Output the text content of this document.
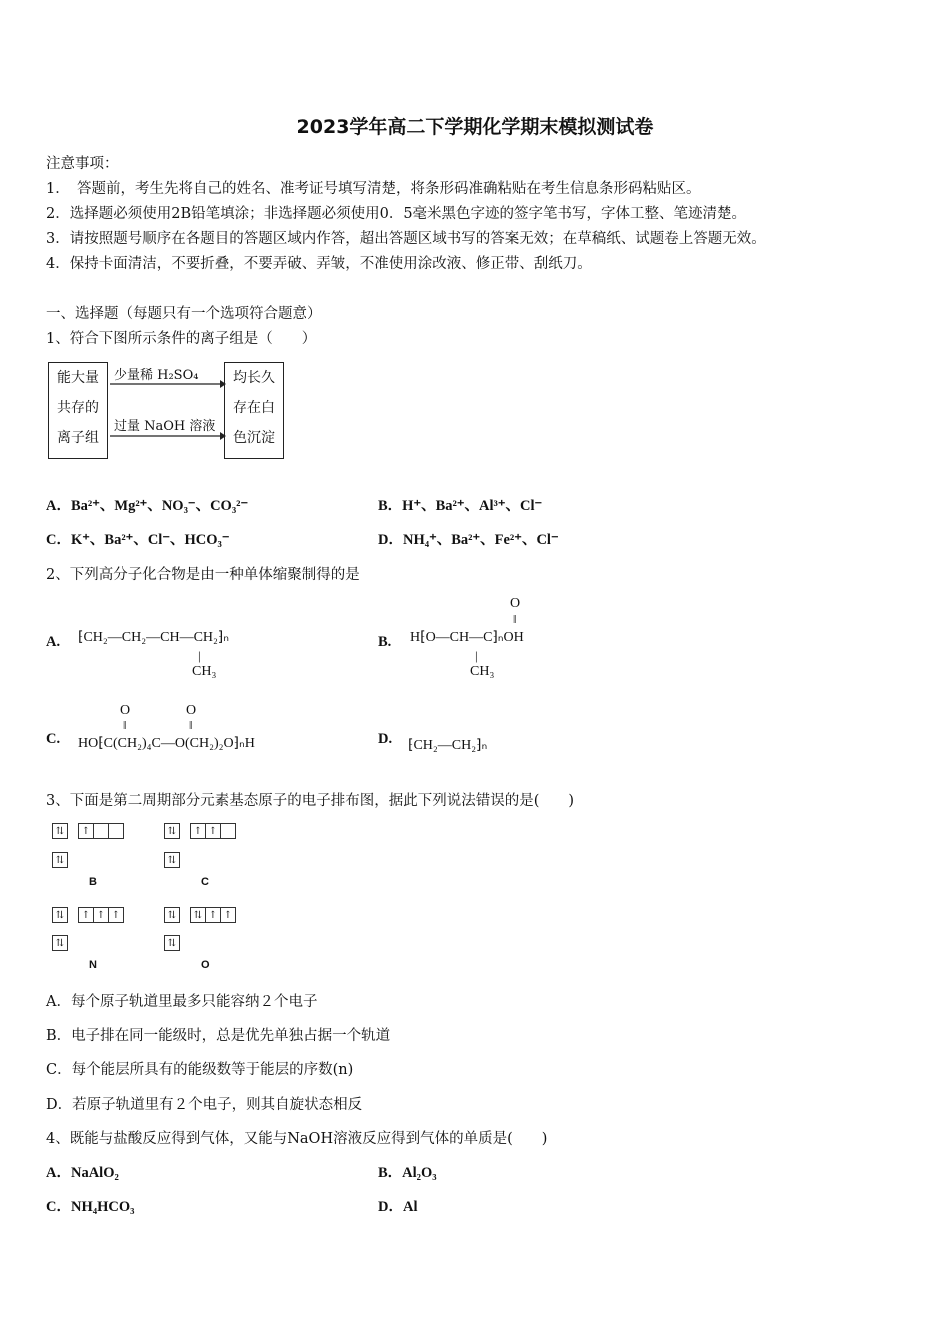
2023学年高二下学期化学期末模拟测试卷
注意事项：
1．　答题前，考生先将自己的姓名、准考证号填写清楚，将条形码准确粘贴在考生信息条形码粘贴区。
2．选择题必须使用2B铅笔填涂；非选择题必须使用0．5毫米黑色字迹的签字笔书写，字体工整、笔迹清楚。
3．请按照题号顺序在各题目的答题区域内作答，超出答题区域书写的答案无效；在草稿纸、试题卷上答题无效。
4．保持卡面清洁，不要折叠，不要弄破、弄皱，不准使用涂改液、修正带、刮纸刀。
一、选择题（每题只有一个选项符合题意）
1、符合下图所示条件的离子组是（　　）
能大量
共存的
离子组
少量稀 H₂SO₄
过量 NaOH 溶液
均长久
存在白
色沉淀
A．Ba²⁺、Mg²⁺、NO₃⁻、CO₃²⁻	B．H⁺、Ba²⁺、Al³⁺、Cl⁻
C．K⁺、Ba²⁺、Cl⁻、HCO₃⁻	D．NH₄⁺、Ba²⁺、Fe²⁺、Cl⁻
2、下列高分子化合物是由一种单体缩聚制得的是
A. ⁅CH₂—CH₂—CH—CH₂⁆ₙ
|
CH₃
B.
O
‖
H⁅O—CH—C⁆ₙOH
|
CH₃
C.
O
‖
O
‖
HO⁅C(CH₂)₄C—O(CH₂)₂O⁆ₙH	D. ⁅CH₂—CH₂⁆ₙ
3、下面是第二周期部分元素基态原子的电子排布图，据此下列说法错误的是(　　)
⇅	↑
⇅
B
⇅	↑ ↑
⇅
C
⇅	↑ ↑ ↑
⇅
N
⇅	⇅ ↑ ↑
⇅
O
A．每个原子轨道里最多只能容纳２个电子
B．电子排在同一能级时，总是优先单独占据一个轨道
C．每个能层所具有的能级数等于能层的序数(n)
D．若原子轨道里有２个电子，则其自旋状态相反
4、既能与盐酸反应得到气体，又能与NaOH溶液反应得到气体的单质是(　　)
A．NaAlO₂	B．Al₂O₃
C．NH₄HCO₃	D．Al
